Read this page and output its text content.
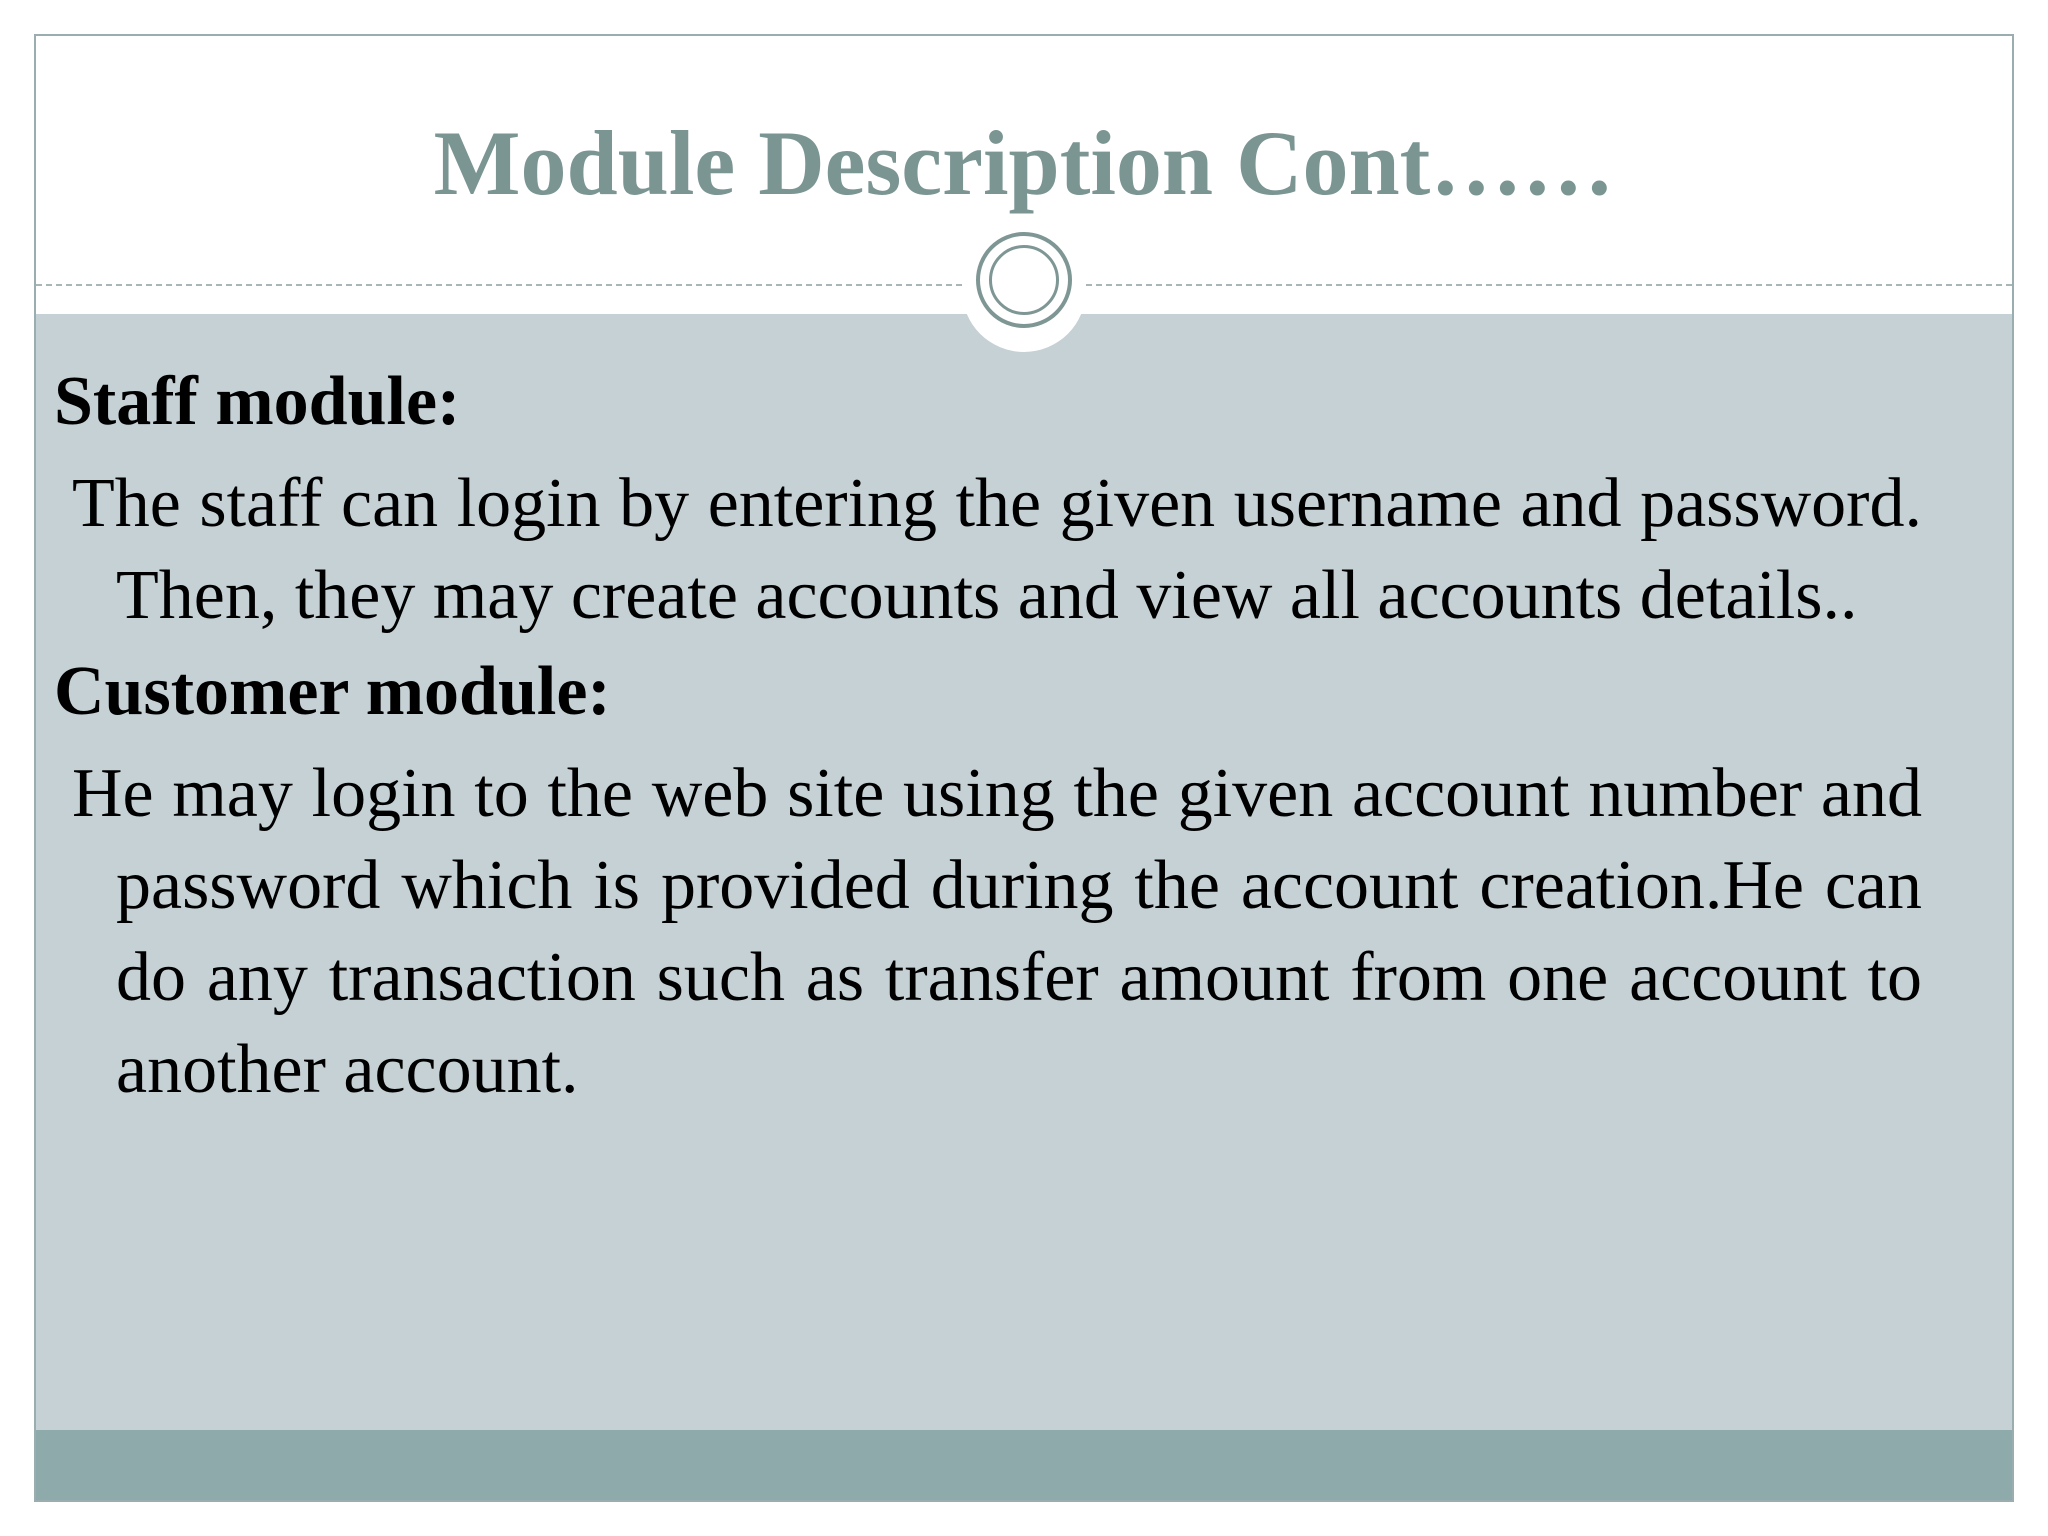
Module Description Cont……
Staff module:

The staff can login by entering the given username and password. Then, they may create accounts and view all accounts details..

Customer module:

He may login to the web site using the given account number and password which is provided during the account creation.He can do any transaction such as transfer amount from one account to another account.
